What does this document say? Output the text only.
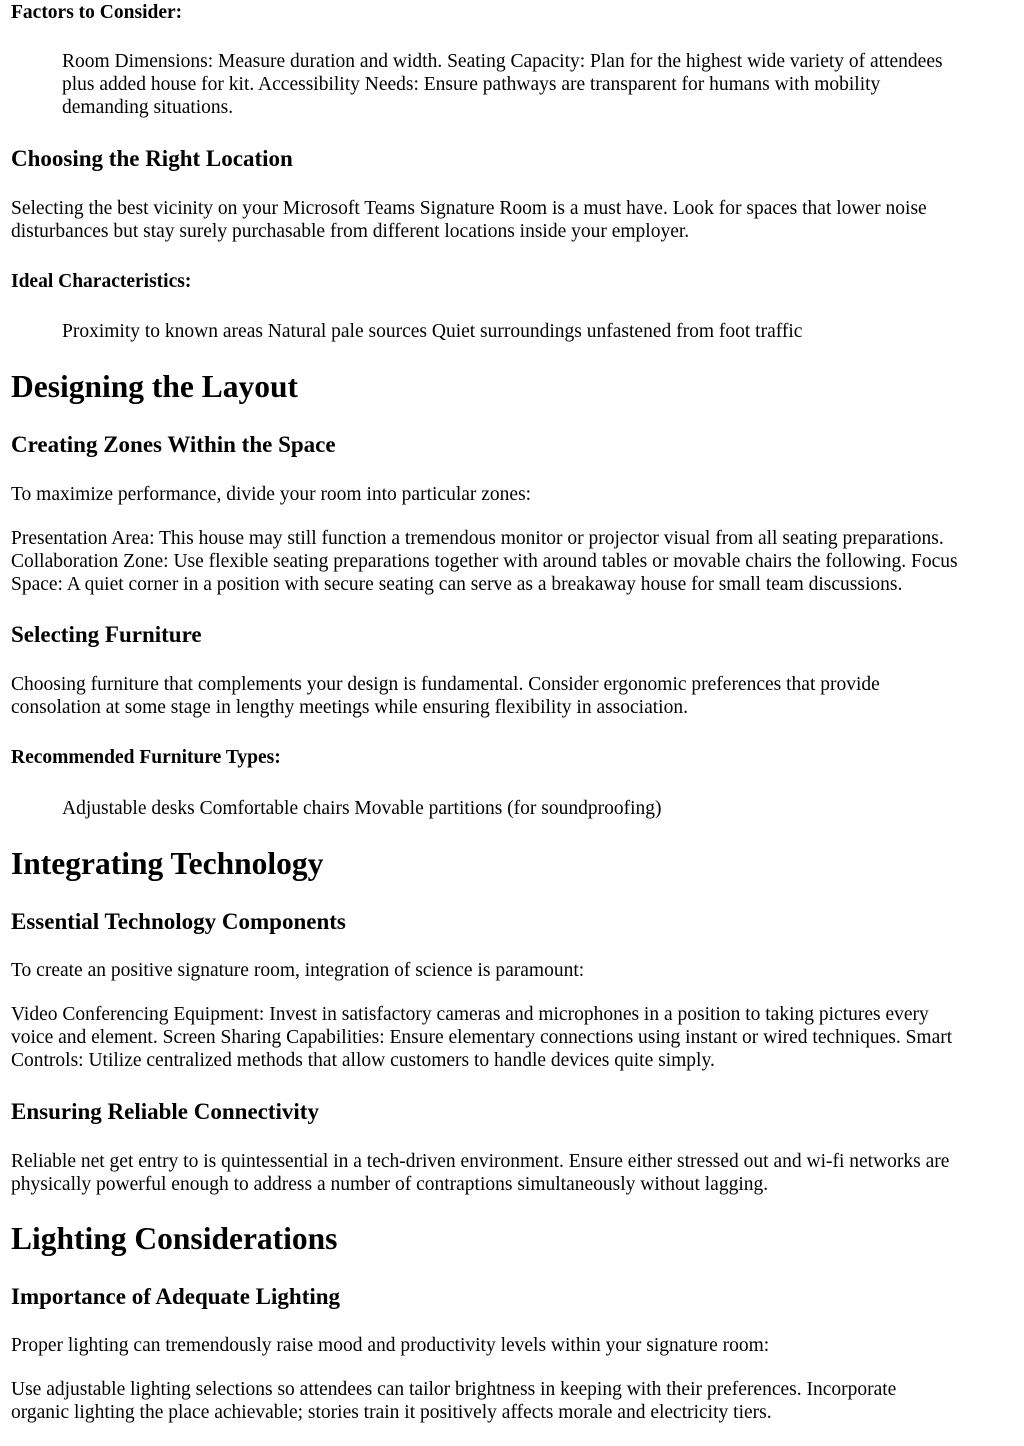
Factors to Consider:
Room Dimensions: Measure duration and width. Seating Capacity: Plan for the highest wide variety of attendees
plus added house for kit. Accessibility Needs: Ensure pathways are transparent for humans with mobility
demanding situations.
Choosing the Right Location
Selecting the best vicinity on your Microsoft Teams Signature Room is a must have. Look for spaces that lower noise
disturbances but stay surely purchasable from different locations inside your employer.
Ideal Characteristics:

Proximity to known areas Natural pale sources Quiet surroundings unfastened from foot traffic

Designing the Layout
Creating Zones Within the Space

To maximize performance, divide your room into particular zones:

Presentation Area: This house may still function a tremendous monitor or projector visual from all seating preparations.
Collaboration Zone: Use flexible seating preparations together with around tables or movable chairs the following. Focus
Space: A quiet corner in a position with secure seating can serve as a breakaway house for small team discussions.
Selecting Furniture
Choosing furniture that complements your design is fundamental. Consider ergonomic preferences that provide
consolation at some stage in lengthy meetings while ensuring flexibility in association.
Recommended Furniture Types:

Adjustable desks Comfortable chairs Movable partitions (for soundproofing)

Integrating Technology
Essential Technology Components

To create an positive signature room, integration of science is paramount:

Video Conferencing Equipment: Invest in satisfactory cameras and microphones in a position to taking pictures every
voice and element. Screen Sharing Capabilities: Ensure elementary connections using instant or wired techniques. Smart
Controls: Utilize centralized methods that allow customers to handle devices quite simply.
Ensuring Reliable Connectivity
Reliable net get entry to is quintessential in a tech-driven environment. Ensure either stressed out and wi-fi networks are
physically powerful enough to address a number of contraptions simultaneously without lagging.
Lighting Considerations
Importance of Adequate Lighting

Proper lighting can tremendously raise mood and productivity levels within your signature room:

Use adjustable lighting selections so attendees can tailor brightness in keeping with their preferences. Incorporate
organic lighting the place achievable; stories train it positively affects morale and electricity tiers.
